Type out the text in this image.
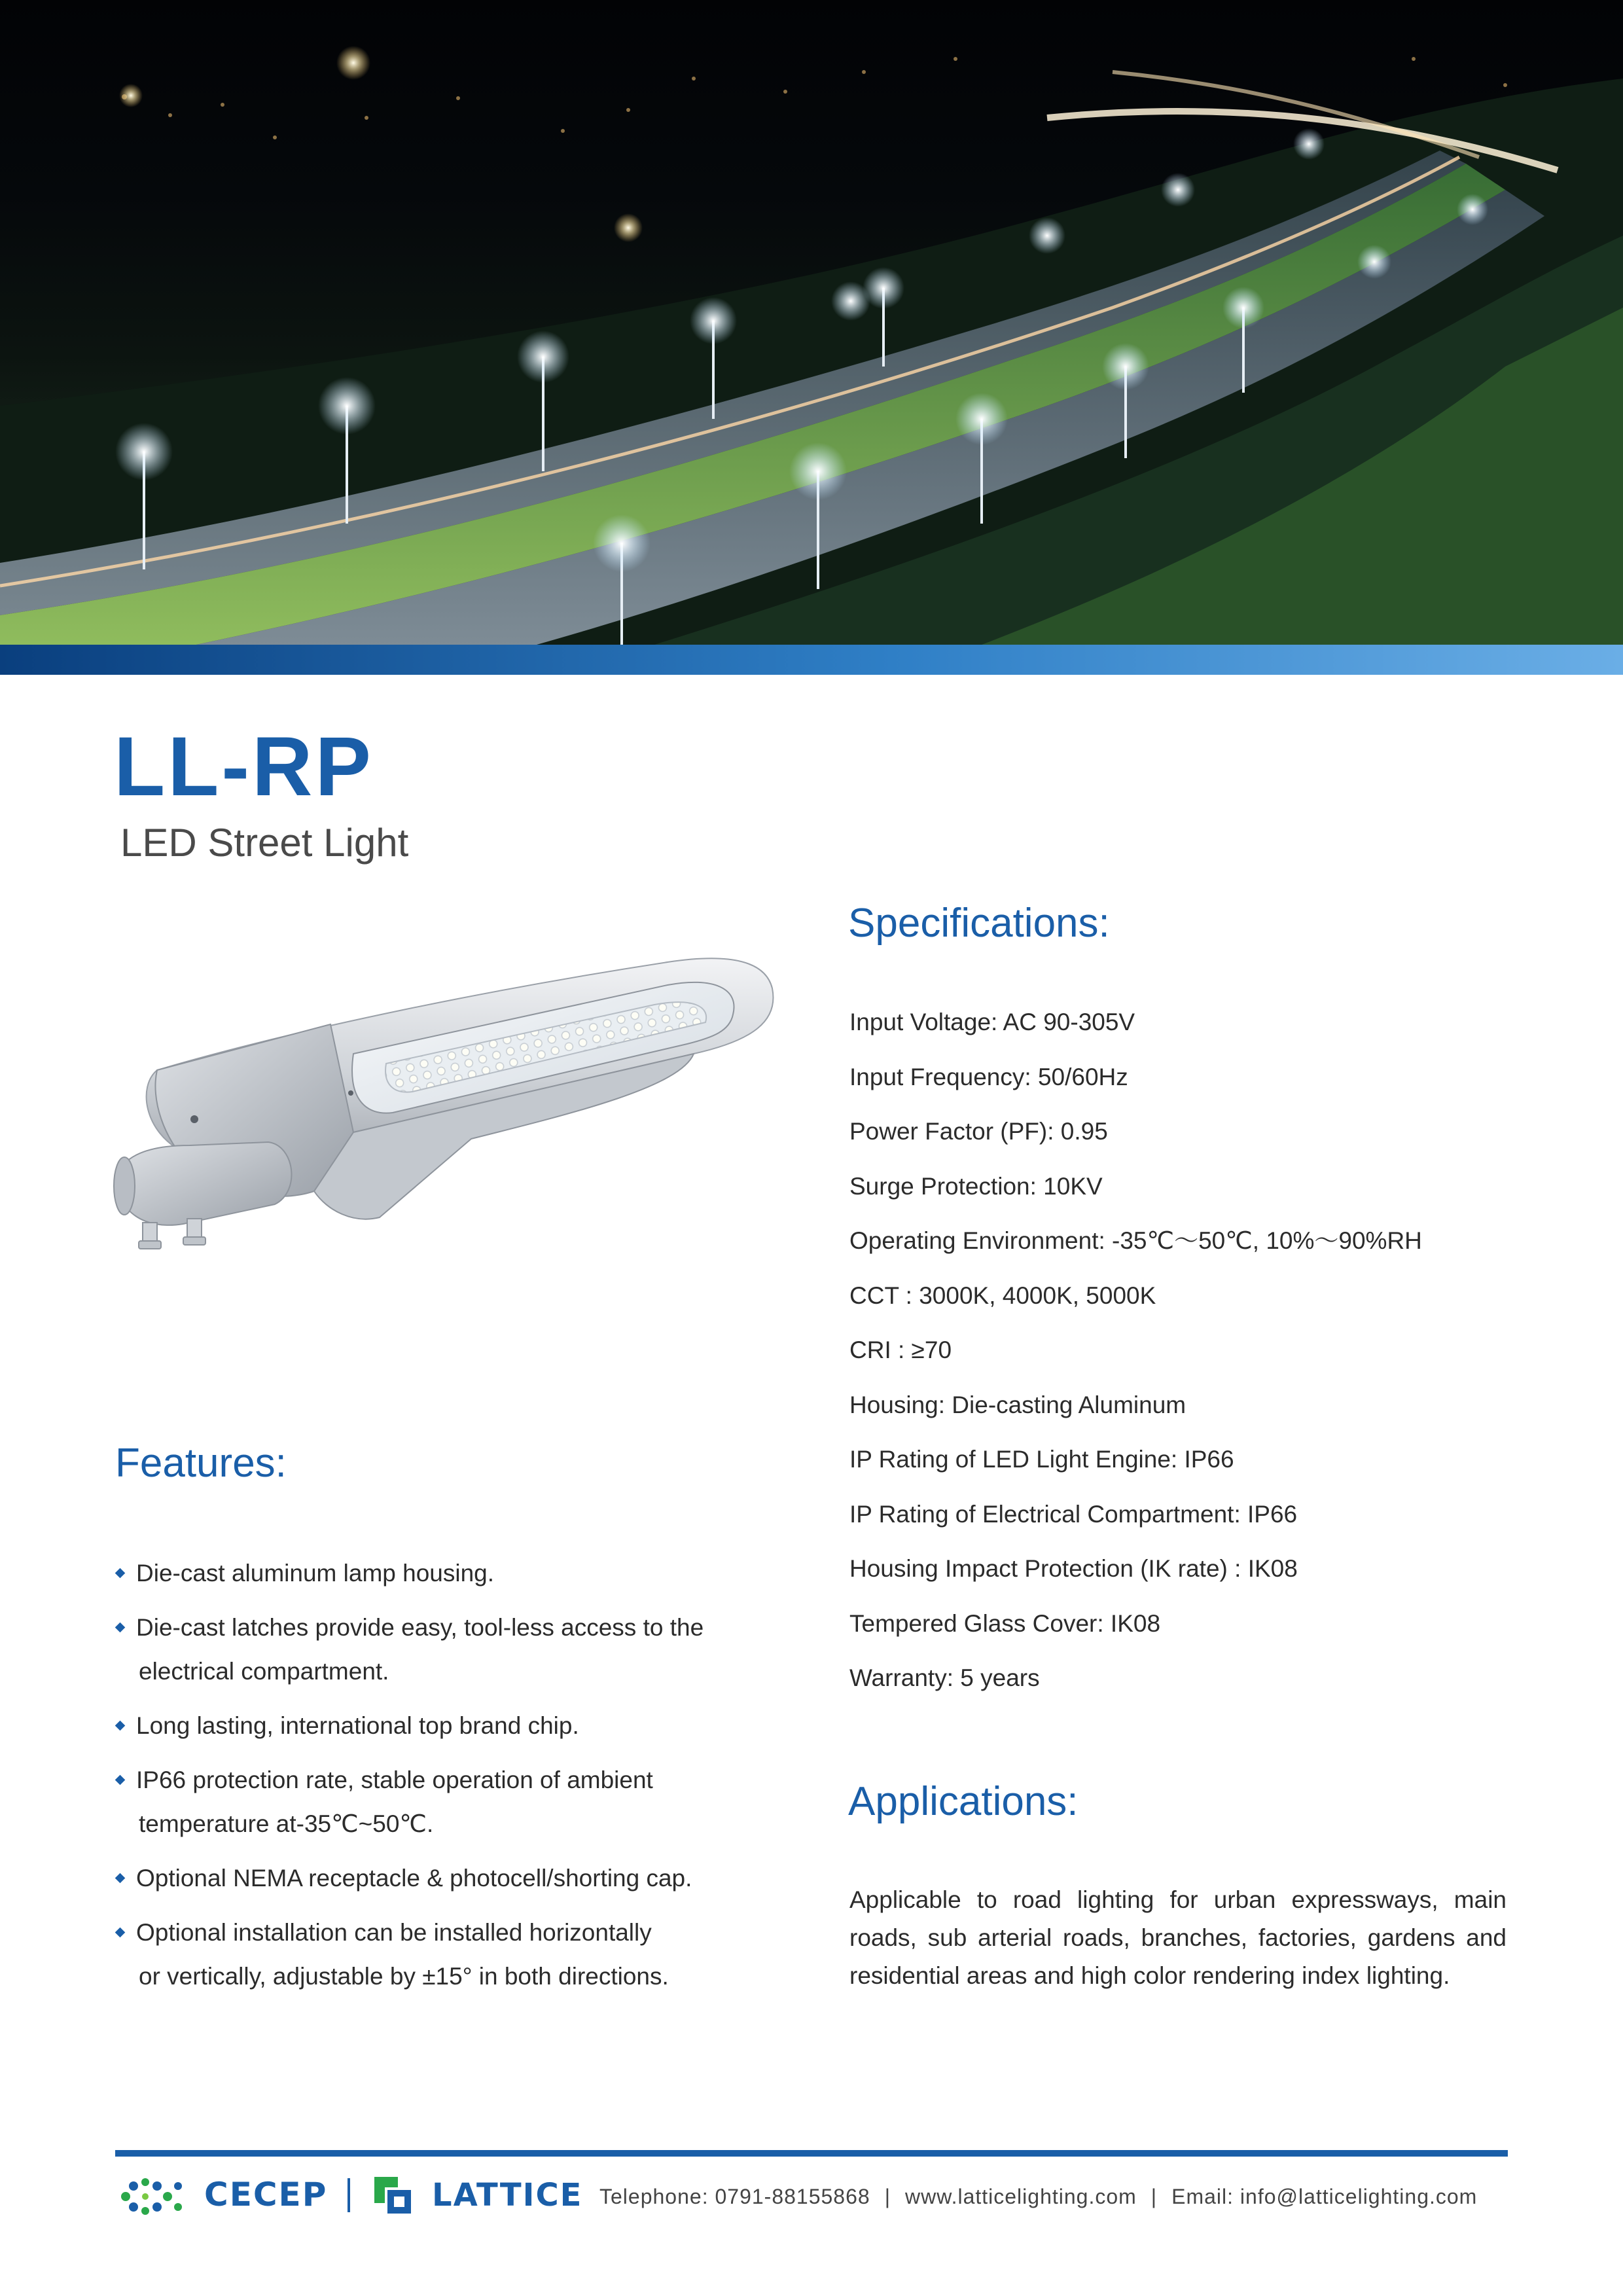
LL-RP
LED Street Light
Specifications:
Input Voltage: AC 90-305V
Input Frequency: 50/60Hz
Power Factor (PF): 0.95
Surge Protection: 10KV
Operating Environment: -35℃～50℃, 10%～90%RH
CCT : 3000K, 4000K, 5000K
CRI : ≥70
Housing: Die-casting Aluminum
IP Rating of LED Light Engine: IP66
IP Rating of Electrical Compartment: IP66
Housing Impact Protection (IK rate) : IK08
Tempered Glass Cover: IK08
Warranty: 5 years
Features:
Die-cast aluminum lamp housing.
Die-cast latches provide easy, tool-less access to the
electrical compartment.
Long lasting, international top brand chip.
IP66 protection rate, stable operation of ambient
temperature at-35℃~50℃.
Optional NEMA receptacle & photocell/shorting cap.
Optional installation can be installed horizontally
or vertically, adjustable by ±15° in both directions.
Applications:

Applicable to road lighting for urban expressways, main roads, sub arterial roads, branches, factories, gardens and residential areas and high color rendering index lighting.

CECEP	LATTICE Telephone: 0791-88155868 | www.latticelighting.com | Email: info@latticelighting.com
